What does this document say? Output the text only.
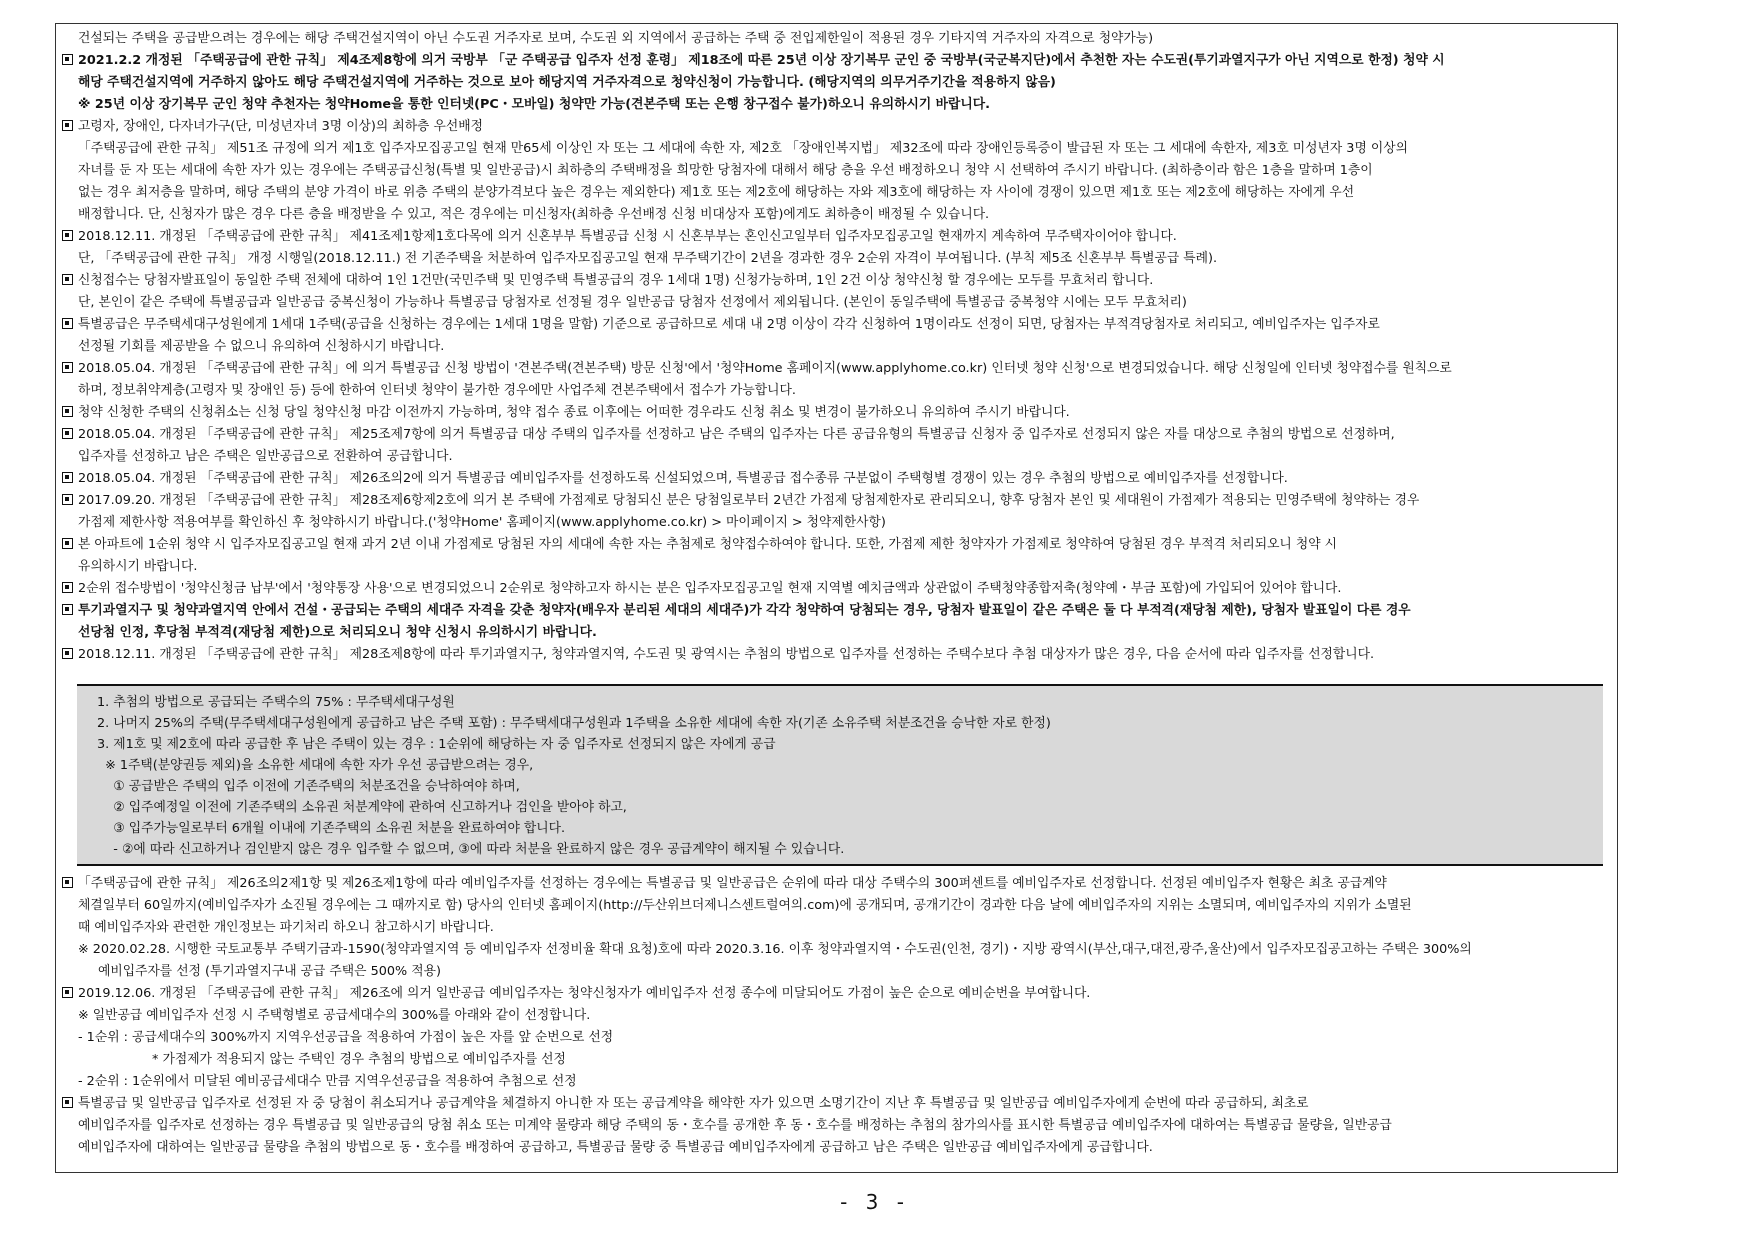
건설되는 주택을 공급받으려는 경우에는 해당 주택건설지역이 아닌 수도권 거주자로 보며, 수도권 외 지역에서 공급하는 주택 중 전입제한일이 적용된 경우 기타지역 거주자의 자격으로 청약가능)
2021.2.2 개정된 「주택공급에 관한 규칙」 제4조제8항에 의거 국방부 「군 주택공급 입주자 선정 훈령」 제18조에 따른 25년 이상 장기복무 군인 중 국방부(국군복지단)에서 추천한 자는 수도권(투기과열지구가 아닌 지역으로 한정) 청약 시
해당 주택건설지역에 거주하지 않아도 해당 주택건설지역에 거주하는 것으로 보아 해당지역 거주자격으로 청약신청이 가능합니다. (해당지역의 의무거주기간을 적용하지 않음)
※ 25년 이상 장기복무 군인 청약 추천자는 청약Home을 통한 인터넷(PC・모바일) 청약만 가능(견본주택 또는 은행 창구접수 불가)하오니 유의하시기 바랍니다.
고령자, 장애인, 다자녀가구(단, 미성년자녀 3명 이상)의 최하층 우선배정
「주택공급에 관한 규칙」 제51조 규정에 의거 제1호 입주자모집공고일 현재 만65세 이상인 자 또는 그 세대에 속한 자, 제2호 「장애인복지법」 제32조에 따라 장애인등록증이 발급된 자 또는 그 세대에 속한자, 제3호 미성년자 3명 이상의
자녀를 둔 자 또는 세대에 속한 자가 있는 경우에는 주택공급신청(특별 및 일반공급)시 최하층의 주택배정을 희망한 당첨자에 대해서 해당 층을 우선 배정하오니 청약 시 선택하여 주시기 바랍니다. (최하층이라 함은 1층을 말하며 1층이
없는 경우 최저층을 말하며, 해당 주택의 분양 가격이 바로 위층 주택의 분양가격보다 높은 경우는 제외한다) 제1호 또는 제2호에 해당하는 자와 제3호에 해당하는 자 사이에 경쟁이 있으면 제1호 또는 제2호에 해당하는 자에게 우선
배정합니다. 단, 신청자가 많은 경우 다른 층을 배정받을 수 있고, 적은 경우에는 미신청자(최하층 우선배정 신청 비대상자 포함)에게도 최하층이 배정될 수 있습니다.
2018.12.11. 개정된 「주택공급에 관한 규칙」 제41조제1항제1호다목에 의거 신혼부부 특별공급 신청 시 신혼부부는 혼인신고일부터 입주자모집공고일 현재까지 계속하여 무주택자이어야 합니다.
단, 「주택공급에 관한 규칙」 개정 시행일(2018.12.11.) 전 기존주택을 처분하여 입주자모집공고일 현재 무주택기간이 2년을 경과한 경우 2순위 자격이 부여됩니다. (부칙 제5조 신혼부부 특별공급 특례).
신청접수는 당첨자발표일이 동일한 주택 전체에 대하여 1인 1건만(국민주택 및 민영주택 특별공급의 경우 1세대 1명) 신청가능하며, 1인 2건 이상 청약신청 할 경우에는 모두를 무효처리 합니다.
단, 본인이 같은 주택에 특별공급과 일반공급 중복신청이 가능하나 특별공급 당첨자로 선정될 경우 일반공급 당첨자 선정에서 제외됩니다. (본인이 동일주택에 특별공급 중복청약 시에는 모두 무효처리)
특별공급은 무주택세대구성원에게 1세대 1주택(공급을 신청하는 경우에는 1세대 1명을 말함) 기준으로 공급하므로 세대 내 2명 이상이 각각 신청하여 1명이라도 선정이 되면, 당첨자는 부적격당첨자로 처리되고, 예비입주자는 입주자로
선정될 기회를 제공받을 수 없으니 유의하여 신청하시기 바랍니다.
2018.05.04. 개정된 「주택공급에 관한 규칙」에 의거 특별공급 신청 방법이 '견본주택(견본주택) 방문 신청'에서 '청약Home 홈페이지(www.applyhome.co.kr) 인터넷 청약 신청'으로 변경되었습니다. 해당 신청일에 인터넷 청약접수를 원칙으로
하며, 정보취약계층(고령자 및 장애인 등) 등에 한하여 인터넷 청약이 불가한 경우에만 사업주체 견본주택에서 접수가 가능합니다.
청약 신청한 주택의 신청취소는 신청 당일 청약신청 마감 이전까지 가능하며, 청약 접수 종료 이후에는 어떠한 경우라도 신청 취소 및 변경이 불가하오니 유의하여 주시기 바랍니다.
2018.05.04. 개정된 「주택공급에 관한 규칙」 제25조제7항에 의거 특별공급 대상 주택의 입주자를 선정하고 남은 주택의 입주자는 다른 공급유형의 특별공급 신청자 중 입주자로 선정되지 않은 자를 대상으로 추첨의 방법으로 선정하며,
입주자를 선정하고 남은 주택은 일반공급으로 전환하여 공급합니다.
2018.05.04. 개정된 「주택공급에 관한 규칙」 제26조의2에 의거 특별공급 예비입주자를 선정하도록 신설되었으며, 특별공급 접수종류 구분없이 주택형별 경쟁이 있는 경우 추첨의 방법으로 예비입주자를 선정합니다.
2017.09.20. 개정된 「주택공급에 관한 규칙」 제28조제6항제2호에 의거 본 주택에 가점제로 당첨되신 분은 당첨일로부터 2년간 가점제 당첨제한자로 관리되오니, 향후 당첨자 본인 및 세대원이 가점제가 적용되는 민영주택에 청약하는 경우
가점제 제한사항 적용여부를 확인하신 후 청약하시기 바랍니다.('청약Home' 홈페이지(www.applyhome.co.kr) > 마이페이지 > 청약제한사항)
본 아파트에 1순위 청약 시 입주자모집공고일 현재 과거 2년 이내 가점제로 당첨된 자의 세대에 속한 자는 추첨제로 청약접수하여야 합니다. 또한, 가점제 제한 청약자가 가점제로 청약하여 당첨된 경우 부적격 처리되오니 청약 시
유의하시기 바랍니다.
2순위 접수방법이 '청약신청금 납부'에서 '청약통장 사용'으로 변경되었으니 2순위로 청약하고자 하시는 분은 입주자모집공고일 현재 지역별 예치금액과 상관없이 주택청약종합저축(청약예・부금 포함)에 가입되어 있어야 합니다.
투기과열지구 및 청약과열지역 안에서 건설・공급되는 주택의 세대주 자격을 갖춘 청약자(배우자 분리된 세대의 세대주)가 각각 청약하여 당첨되는 경우, 당첨자 발표일이 같은 주택은 둘 다 부적격(재당첨 제한), 당첨자 발표일이 다른 경우
선당첨 인정, 후당첨 부적격(재당첨 제한)으로 처리되오니 청약 신청시 유의하시기 바랍니다.
2018.12.11. 개정된 「주택공급에 관한 규칙」 제28조제8항에 따라 투기과열지구, 청약과열지역, 수도권 및 광역시는 추첨의 방법으로 입주자를 선정하는 주택수보다 추첨 대상자가 많은 경우, 다음 순서에 따라 입주자를 선정합니다.
1. 추첨의 방법으로 공급되는 주택수의 75% : 무주택세대구성원
2. 나머지 25%의 주택(무주택세대구성원에게 공급하고 남은 주택 포함) : 무주택세대구성원과 1주택을 소유한 세대에 속한 자(기존 소유주택 처분조건을 승낙한 자로 한정)
3. 제1호 및 제2호에 따라 공급한 후 남은 주택이 있는 경우 : 1순위에 해당하는 자 중 입주자로 선정되지 않은 자에게 공급
※ 1주택(분양권등 제외)을 소유한 세대에 속한 자가 우선 공급받으려는 경우,
① 공급받은 주택의 입주 이전에 기존주택의 처분조건을 승낙하여야 하며,
② 입주예정일 이전에 기존주택의 소유권 처분계약에 관하여 신고하거나 검인을 받아야 하고,
③ 입주가능일로부터 6개월 이내에 기존주택의 소유권 처분을 완료하여야 합니다.
- ②에 따라 신고하거나 검인받지 않은 경우 입주할 수 없으며, ③에 따라 처분을 완료하지 않은 경우 공급계약이 해지될 수 있습니다.
「주택공급에 관한 규칙」 제26조의2제1항 및 제26조제1항에 따라 예비입주자를 선정하는 경우에는 특별공급 및 일반공급은 순위에 따라 대상 주택수의 300퍼센트를 예비입주자로 선정합니다. 선정된 예비입주자 현황은 최초 공급계약
체결일부터 60일까지(예비입주자가 소진될 경우에는 그 때까지로 함) 당사의 인터넷 홈페이지(http://두산위브더제니스센트럴여의.com)에 공개되며, 공개기간이 경과한 다음 날에 예비입주자의 지위는 소멸되며, 예비입주자의 지위가 소멸된
때 예비입주자와 관련한 개인정보는 파기처리 하오니 참고하시기 바랍니다.
※ 2020.02.28. 시행한 국토교통부 주택기금과-1590(청약과열지역 등 예비입주자 선정비율 확대 요청)호에 따라 2020.3.16. 이후 청약과열지역・수도권(인천, 경기)・지방 광역시(부산,대구,대전,광주,울산)에서 입주자모집공고하는 주택은 300%의
예비입주자를 선정 (투기과열지구내 공급 주택은 500% 적용)
2019.12.06. 개정된 「주택공급에 관한 규칙」 제26조에 의거 일반공급 예비입주자는 청약신청자가 예비입주자 선정 종수에 미달되어도 가점이 높은 순으로 예비순번을 부여합니다.
※ 일반공급 예비입주자 선정 시 주택형별로 공급세대수의 300%를 아래와 같이 선정합니다.
- 1순위 : 공급세대수의 300%까지 지역우선공급을 적용하여 가점이 높은 자를 앞 순번으로 선정
* 가점제가 적용되지 않는 주택인 경우 추첨의 방법으로 예비입주자를 선정
- 2순위 : 1순위에서 미달된 예비공급세대수 만큼 지역우선공급을 적용하여 추첨으로 선정
특별공급 및 일반공급 입주자로 선정된 자 중 당첨이 취소되거나 공급계약을 체결하지 아니한 자 또는 공급계약을 해약한 자가 있으면 소명기간이 지난 후 특별공급 및 일반공급 예비입주자에게 순번에 따라 공급하되, 최초로
예비입주자를 입주자로 선정하는 경우 특별공급 및 일반공급의 당첨 취소 또는 미계약 물량과 해당 주택의 동・호수를 공개한 후 동・호수를 배정하는 추첨의 참가의사를 표시한 특별공급 예비입주자에 대하여는 특별공급 물량을, 일반공급
예비입주자에 대하여는 일반공급 물량을 추첨의 방법으로 동・호수를 배정하여 공급하고, 특별공급 물량 중 특별공급 예비입주자에게 공급하고 남은 주택은 일반공급 예비입주자에게 공급합니다.
- 3 -
